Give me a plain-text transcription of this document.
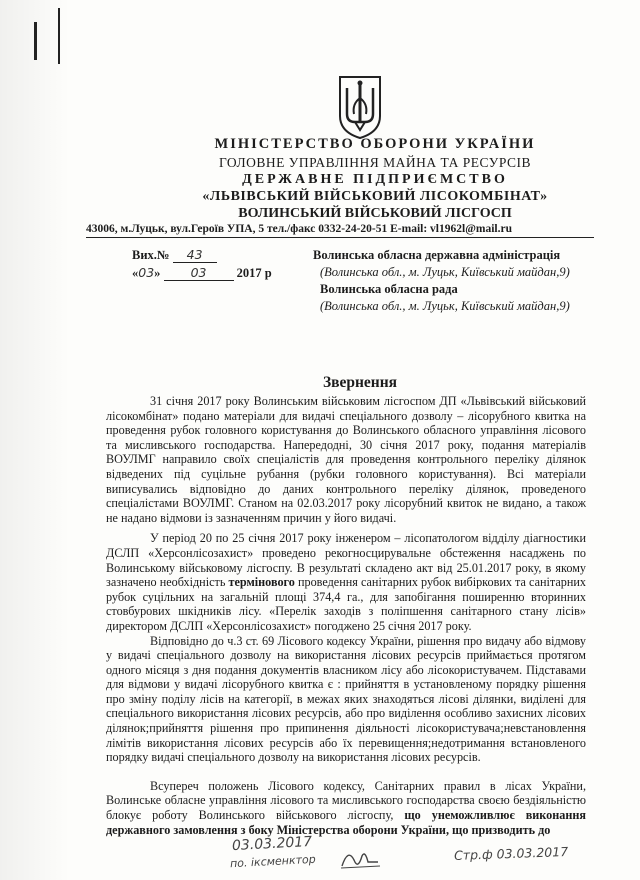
МІНІСТЕРСТВО ОБОРОНИ УКРАЇНИ
ГОЛОВНЕ УПРАВЛІННЯ МАЙНА ТА РЕСУРСІВ
ДЕРЖАВНЕ ПІДПРИЄМСТВО
«ЛЬВІВСЬКИЙ ВІЙСЬКОВИЙ ЛІСОКОМБІНАТ»
ВОЛИНСЬКИЙ ВІЙСЬКОВИЙ ЛІСГОСП
43006, м.Луцьк, вул.Героїв УПА, 5 тел./факс 0332-24-20-51 E-mail: vl1962l@mail.ru
Вих.№ 43
«03» 03 2017 р
Волинська обласна державна адміністрація
(Волинська обл., м. Луцьк, Київський майдан,9)
Волинська обласна рада
(Волинська обл., м. Луцьк, Київський майдан,9)
Звернення

31 січня 2017 року Волинським військовим лісгоспом ДП «Львівський військовий лісокомбінат» подано матеріали для видачі спеціального дозволу – лісорубного квитка на проведення рубок головного користування до Волинського обласного управління лісового та мисливського господарства. Напередодні, 30 січня 2017 року, подання матеріалів ВОУЛМГ направило своїх спеціалістів для проведення контрольного переліку ділянок відведених під суцільне рубання (рубки головного користування). Всі матеріали виписувались відповідно до даних контрольного переліку ділянок, проведеного спеціалістами ВОУЛМГ. Станом на 02.03.2017 року лісорубний квиток не видано, а також не надано відмови із зазначенням причин у його видачі.

У період 20 по 25 січня 2017 року інженером – лісопатологом відділу діагностики ДСЛП «Херсонлісозахист» проведено рекогносцирувальне обстеження насаджень по Волинському військовому лісгоспу. В результаті складено акт від 25.01.2017 року, в якому зазначено необхідність термінового проведення санітарних рубок вибіркових та санітарних рубок суцільних на загальній площі 374,4 га., для запобігання поширенню вторинних стовбурових шкідників лісу. «Перелік заходів з поліпшення санітарного стану лісів» директором ДСЛП «Херсонлісозахист» погоджено 25 січня 2017 року.

Відповідно до ч.3 ст. 69 Лісового кодексу України, рішення про видачу або відмову у видачі спеціального дозволу на використання лісових ресурсів приймається протягом одного місяця з дня подання документів власником лісу або лісокористувачем. Підставами для відмови у видачі лісорубного квитка є : прийняття в установленому порядку рішення про зміну поділу лісів на категорії, в межах яких знаходяться лісові ділянки, виділені для спеціального використання лісових ресурсів, або про виділення особливо захисних лісових ділянок;прийняття рішення про припинення діяльності лісокористувача;невстановлення лімітів використання лісових ресурсів або їх перевищення;недотримання встановленого порядку видачі спеціального дозволу на використання лісових ресурсів.

Всупереч положень Лісового кодексу, Санітарних правил в лісах України, Волинське обласне управління лісового та мисливського господарства своєю бездіяльністю блокує роботу Волинського військового лісгоспу, що унеможливлює виконання державного замовлення з боку Міністерства оборони України, що призводить до

03.03.2017
по. іксменктор	Стр.ф 03.03.2017
